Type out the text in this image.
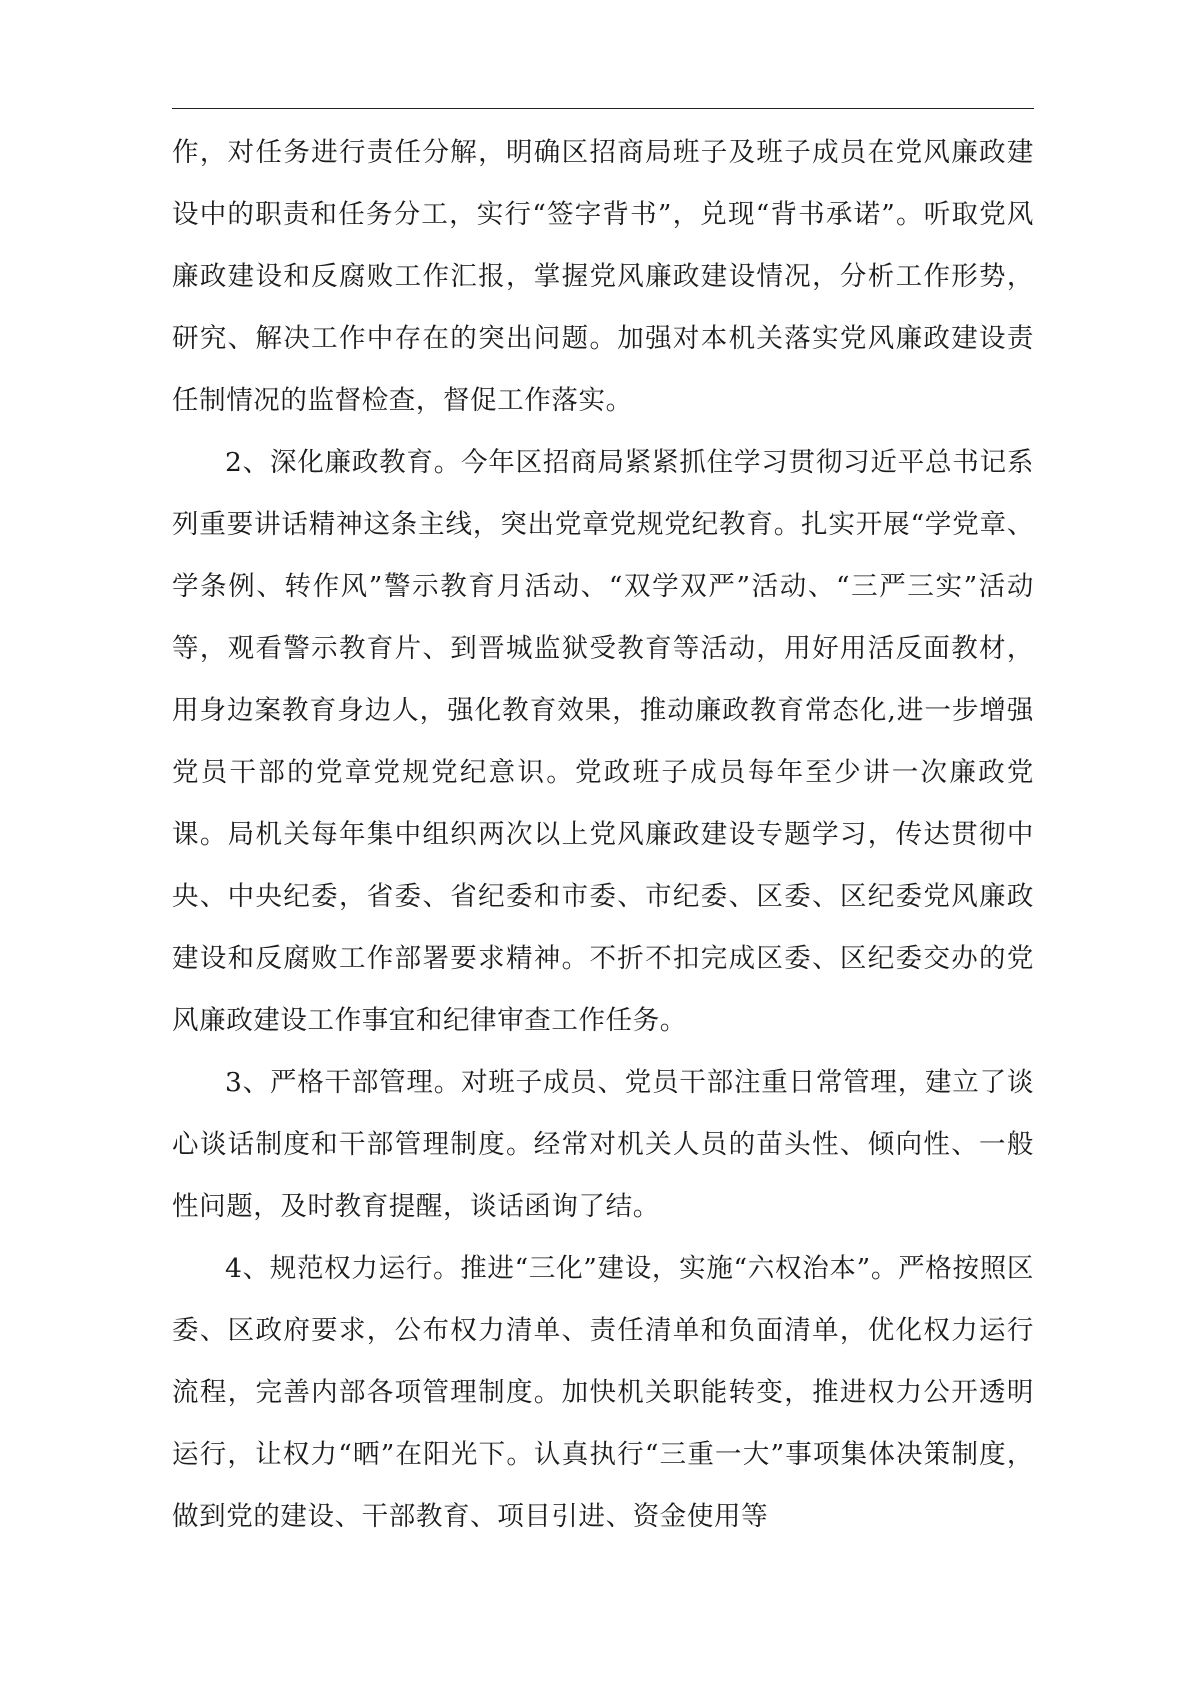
作，对任务进行责任分解，明确区招商局班子及班子成员在党风廉政建设中的职责和任务分工，实行“签字背书”，兑现“背书承诺”。听取党风廉政建设和反腐败工作汇报，掌握党风廉政建设情况，分析工作形势，研究、解决工作中存在的突出问题。加强对本机关落实党风廉政建设责任制情况的监督检查，督促工作落实。

2、深化廉政教育。今年区招商局紧紧抓住学习贯彻习近平总书记系列重要讲话精神这条主线，突出党章党规党纪教育。扎实开展“学党章、学条例、转作风”警示教育月活动、“双学双严”活动、“三严三实”活动等，观看警示教育片、到晋城监狱受教育等活动，用好用活反面教材，用身边案教育身边人，强化教育效果，推动廉政教育常态化,进一步增强党员干部的党章党规党纪意识。党政班子成员每年至少讲一次廉政党课。局机关每年集中组织两次以上党风廉政建设专题学习，传达贯彻中央、中央纪委，省委、省纪委和市委、市纪委、区委、区纪委党风廉政建设和反腐败工作部署要求精神。不折不扣完成区委、区纪委交办的党风廉政建设工作事宜和纪律审查工作任务。

3、严格干部管理。对班子成员、党员干部注重日常管理，建立了谈心谈话制度和干部管理制度。经常对机关人员的苗头性、倾向性、一般性问题，及时教育提醒，谈话函询了结。

4、规范权力运行。推进“三化”建设，实施“六权治本”。严格按照区委、区政府要求，公布权力清单、责任清单和负面清单，优化权力运行流程，完善内部各项管理制度。加快机关职能转变，推进权力公开透明运行，让权力“晒”在阳光下。认真执行“三重一大”事项集体决策制度，做到党的建设、干部教育、项目引进、资金使用等
